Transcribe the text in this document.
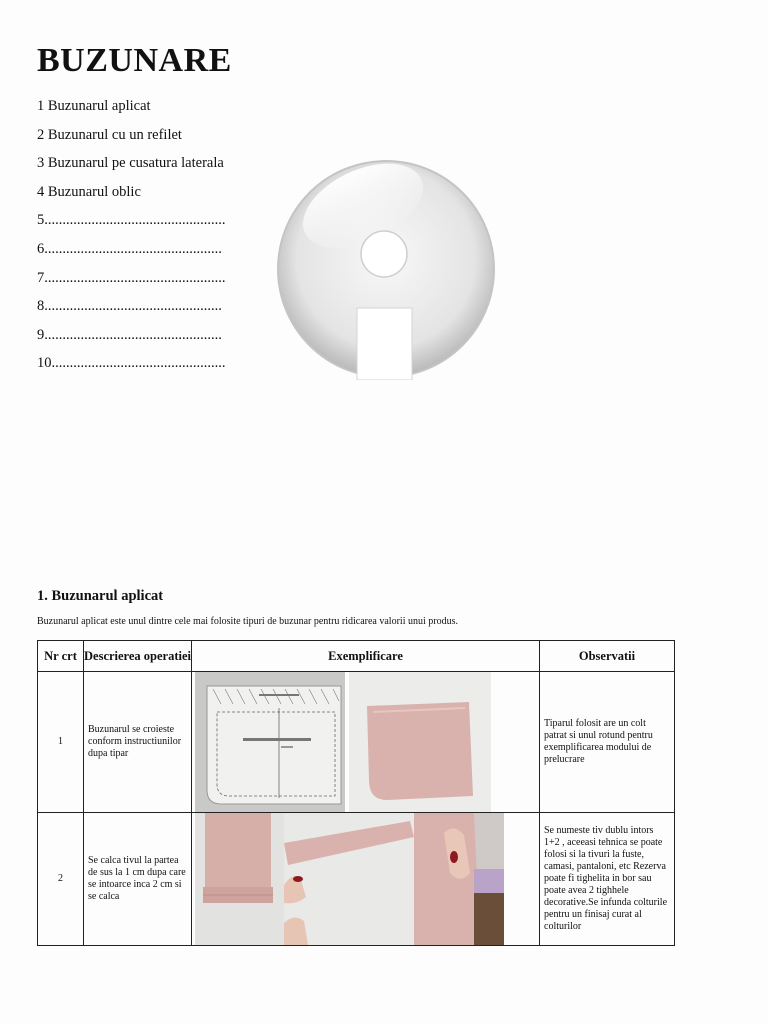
BUZUNARE
1 Buzunarul aplicat
2 Buzunarul cu un refilet
3 Buzunarul pe cusatura laterala
4 Buzunarul oblic
5..................................................
6.................................................
7..................................................
8.................................................
9.................................................
10................................................
1. Buzunarul aplicat
Buzunarul aplicat este unul dintre cele mai folosite tipuri de buzunar pentru ridicarea valorii unui produs.
Nr crt	Descrierea operatiei	Exemplificare	Observatii
1	Buzunarul se croieste conform instructiunilor dupa tipar		Tiparul folosit are un colt patrat si unul rotund pentru exemplificarea modului de prelucrare
2	Se calca tivul la partea de sus la 1 cm dupa care se intoarce inca 2 cm si se calca		Se numeste tiv dublu intors 1+2 , aceeasi tehnica se poate folosi si la tivuri la fuste, camasi, pantaloni, etc Rezerva poate fi tighelita in bor sau poate avea 2 tighhele decorative.Se infunda colturile pentru un finisaj curat al colturilor
